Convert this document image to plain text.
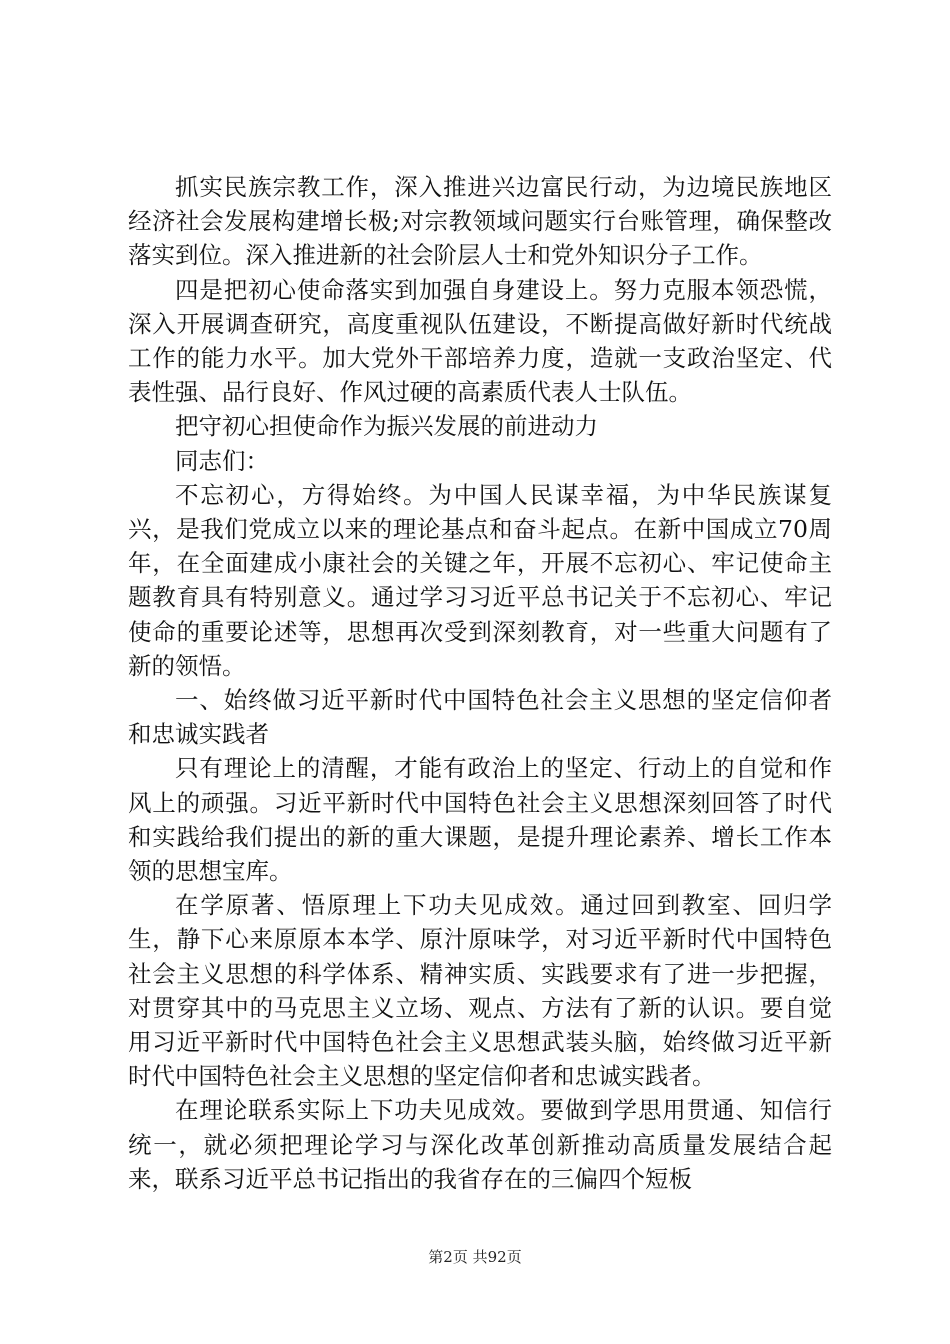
抓实民族宗教工作，深入推进兴边富民行动，为边境民族地区经济社会发展构建增长极;对宗教领域问题实行台账管理，确保整改落实到位。深入推进新的社会阶层人士和党外知识分子工作。

四是把初心使命落实到加强自身建设上。努力克服本领恐慌，深入开展调查研究，高度重视队伍建设，不断提高做好新时代统战工作的能力水平。加大党外干部培养力度，造就一支政治坚定、代表性强、品行良好、作风过硬的高素质代表人士队伍。

把守初心担使命作为振兴发展的前进动力

同志们：

不忘初心，方得始终。为中国人民谋幸福，为中华民族谋复兴，是我们党成立以来的理论基点和奋斗起点。在新中国成立70周年，在全面建成小康社会的关键之年，开展不忘初心、牢记使命主题教育具有特别意义。通过学习习近平总书记关于不忘初心、牢记使命的重要论述等，思想再次受到深刻教育，对一些重大问题有了新的领悟。

一、始终做习近平新时代中国特色社会主义思想的坚定信仰者和忠诚实践者

只有理论上的清醒，才能有政治上的坚定、行动上的自觉和作风上的顽强。习近平新时代中国特色社会主义思想深刻回答了时代和实践给我们提出的新的重大课题，是提升理论素养、增长工作本领的思想宝库。

在学原著、悟原理上下功夫见成效。通过回到教室、回归学生，静下心来原原本本学、原汁原味学，对习近平新时代中国特色社会主义思想的科学体系、精神实质、实践要求有了进一步把握，对贯穿其中的马克思主义立场、观点、方法有了新的认识。要自觉用习近平新时代中国特色社会主义思想武装头脑，始终做习近平新时代中国特色社会主义思想的坚定信仰者和忠诚实践者。

在理论联系实际上下功夫见成效。要做到学思用贯通、知信行统一，就必须把理论学习与深化改革创新推动高质量发展结合起来，联系习近平总书记指出的我省存在的三偏四个短板

第2页 共92页
